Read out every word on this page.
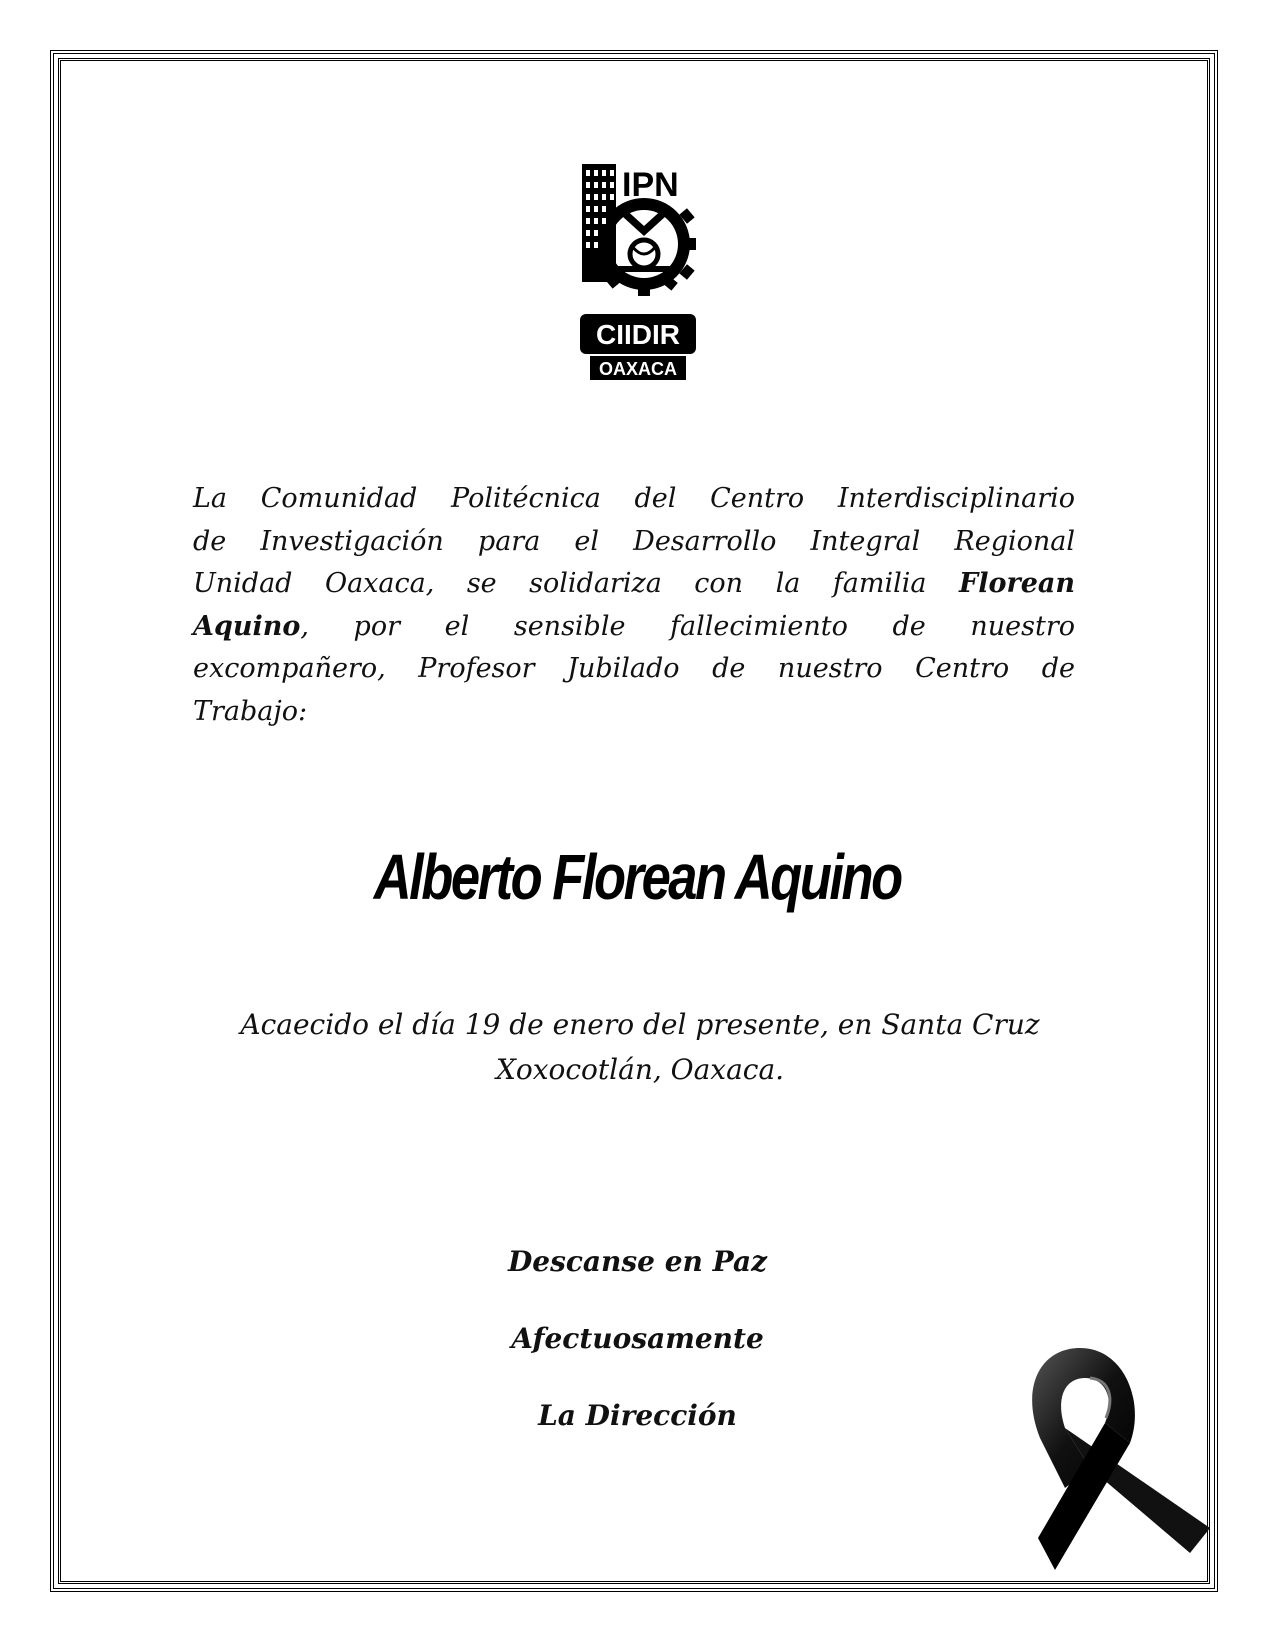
IPN
CIIDIR
OAXACA
La Comunidad Politécnica del Centro Interdisciplinario
de Investigación para el Desarrollo Integral Regional
Unidad Oaxaca, se solidariza con la familia Florean
Aquino, por el sensible fallecimiento de nuestro
excompañero, Profesor Jubilado de nuestro Centro de
Trabajo:
Alberto Florean Aquino
Acaecido el día 19 de enero del presente, en Santa Cruz
Xoxocotlán, Oaxaca.
Descanse en Paz
Afectuosamente
La Dirección
